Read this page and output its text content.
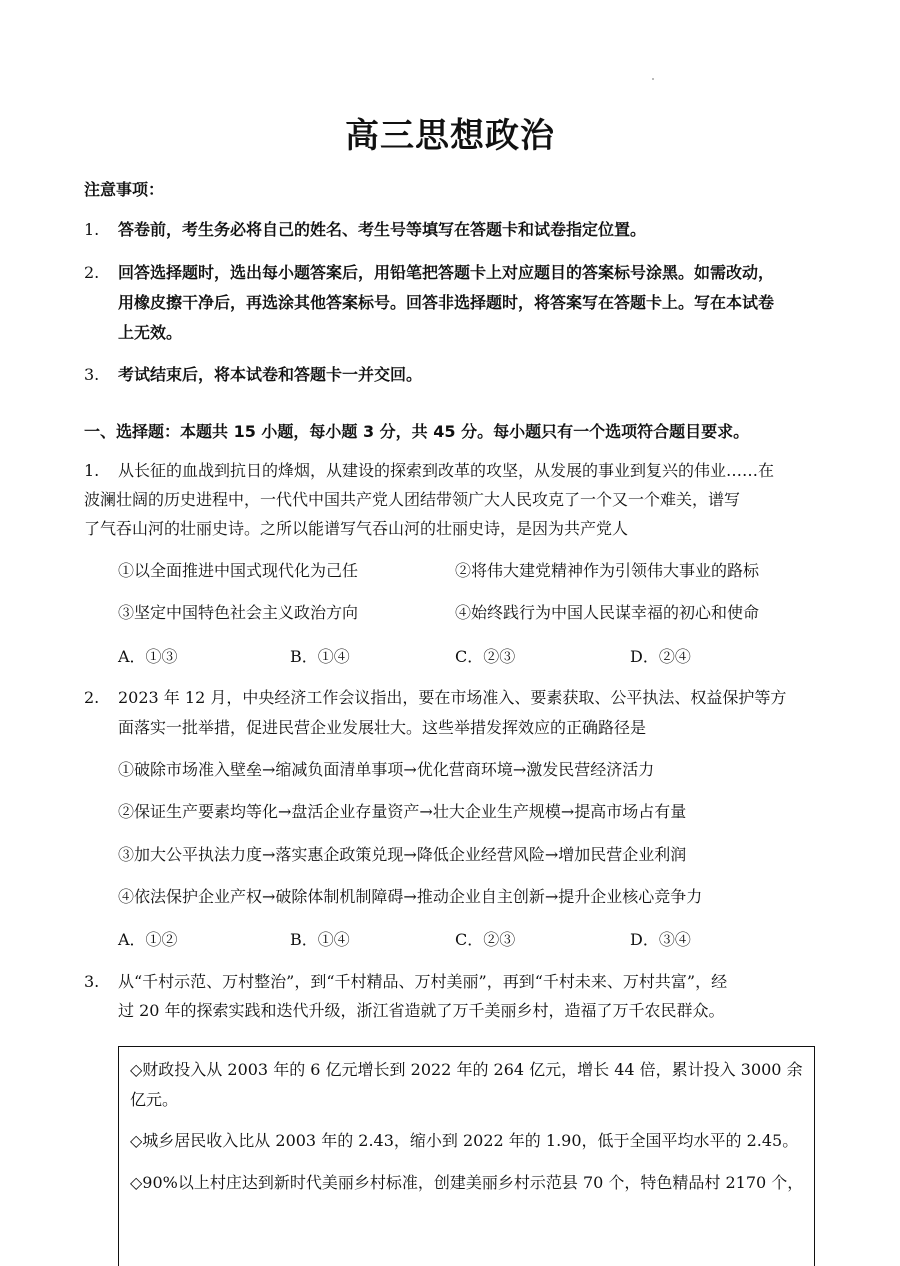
高三思想政治
注意事项：
1. 答卷前，考生务必将自己的姓名、考生号等填写在答题卡和试卷指定位置。
2. 回答选择题时，选出每小题答案后，用铅笔把答题卡上对应题目的答案标号涂黑。如需改动，
用橡皮擦干净后，再选涂其他答案标号。回答非选择题时，将答案写在答题卡上。写在本试卷
上无效。
3. 考试结束后，将本试卷和答题卡一并交回。
一、选择题：本题共 15 小题，每小题 3 分，共 45 分。每小题只有一个选项符合题目要求。
1. 从长征的血战到抗日的烽烟，从建设的探索到改革的攻坚，从发展的事业到复兴的伟业……在
波澜壮阔的历史进程中，一代代中国共产党人团结带领广大人民攻克了一个又一个难关，谱写
了气吞山河的壮丽史诗。之所以能谱写气吞山河的壮丽史诗，是因为共产党人
①以全面推进中国式现代化为己任	②将伟大建党精神作为引领伟大事业的路标
③坚定中国特色社会主义政治方向	④始终践行为中国人民谋幸福的初心和使命
A．①③	B．①④	C．②③	D．②④
2. 2023 年 12 月，中央经济工作会议指出，要在市场准入、要素获取、公平执法、权益保护等方
面落实一批举措，促进民营企业发展壮大。这些举措发挥效应的正确路径是
①破除市场准入壁垒→缩减负面清单事项→优化营商环境→激发民营经济活力
②保证生产要素均等化→盘活企业存量资产→壮大企业生产规模→提高市场占有量
③加大公平执法力度→落实惠企政策兑现→降低企业经营风险→增加民营企业利润
④依法保护企业产权→破除体制机制障碍→推动企业自主创新→提升企业核心竞争力
A．①②	B．①④	C．②③	D．③④
3. 从“千村示范、万村整治”，到“千村精品、万村美丽”，再到“千村未来、万村共富”，经
过 20 年的探索实践和迭代升级，浙江省造就了万千美丽乡村，造福了万千农民群众。
◇财政投入从 2003 年的 6 亿元增长到 2022 年的 264 亿元，增长 44 倍，累计投入 3000 余
亿元。
◇城乡居民收入比从 2003 年的 2.43，缩小到 2022 年的 1.90，低于全国平均水平的 2.45。
◇90%以上村庄达到新时代美丽乡村标准，创建美丽乡村示范县 70 个，特色精品村 2170 个，
